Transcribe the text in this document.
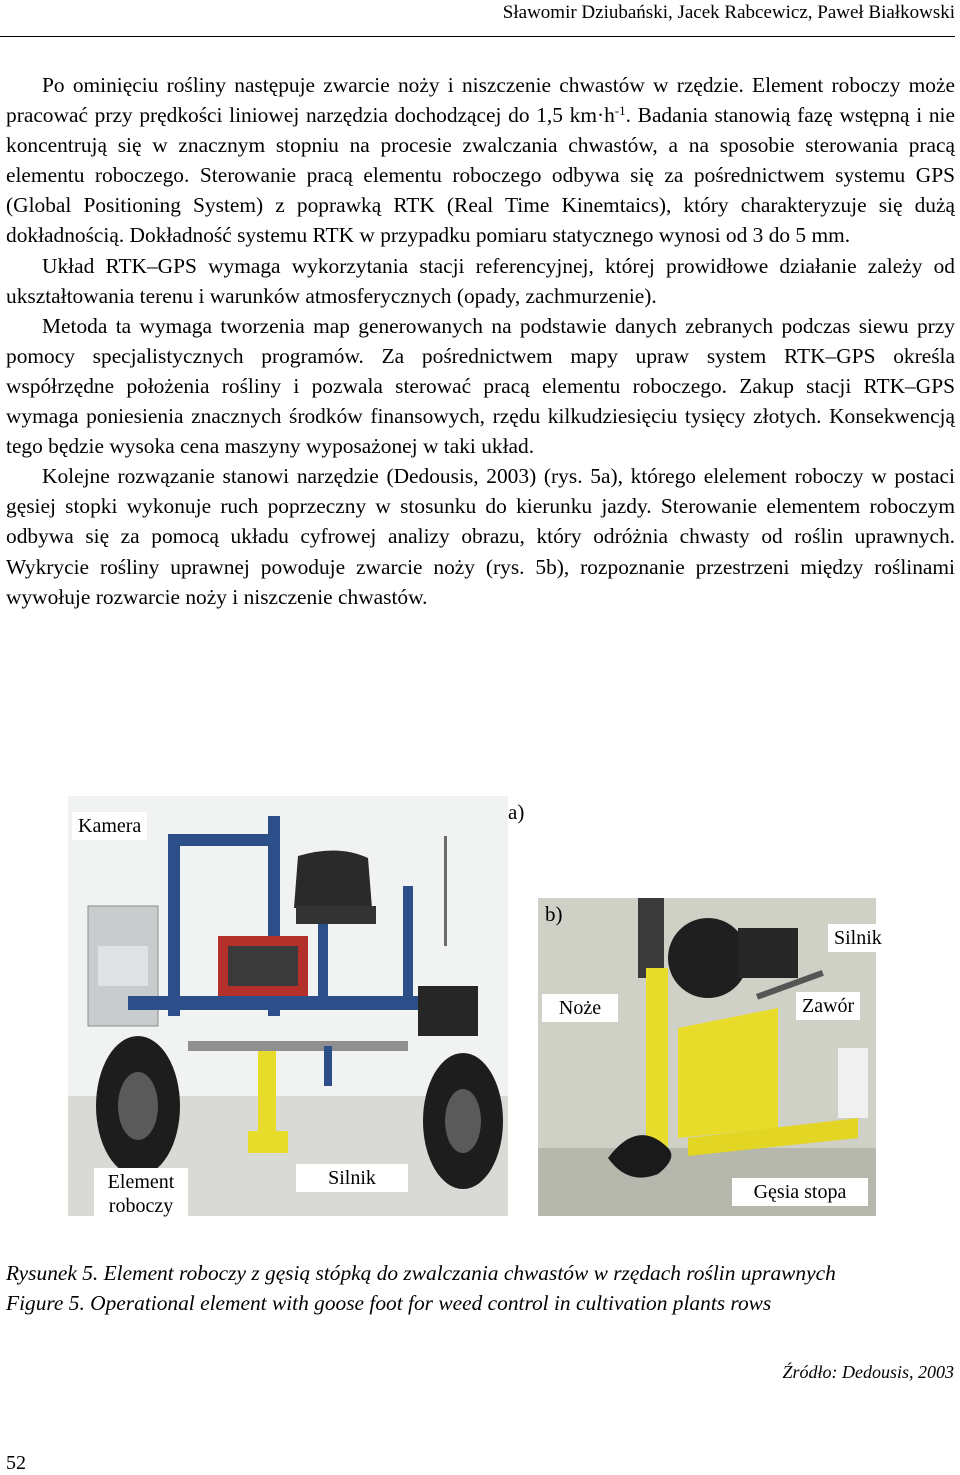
Sławomir Dziubański, Jacek Rabcewicz, Paweł Białkowski

Po ominięciu rośliny następuje zwarcie noży i niszczenie chwastów w rzędzie. Element roboczy może pracować przy prędkości liniowej narzędzia dochodzącej do 1,5 $km\cdot h^{-1}$. Badania stanowią fazę wstępną i nie koncentrują się w znacznym stopniu na procesie zwalczania chwastów, a na sposobie sterowania pracą elementu roboczego. Sterowanie pracą elementu roboczego odbywa się za pośrednictwem systemu GPS (Global Positioning System) z poprawką RTK (Real Time Kinemtaics), który charakteryzuje się dużą dokładnością. Dokładność systemu RTK w przypadku pomiaru statycznego wynosi od 3 do 5 mm.

Układ RTK–GPS wymaga wykorzytania stacji referencyjnej, której prowidłowe działanie zależy od ukształtowania terenu i warunków atmosferycznych (opady, zachmurzenie).

Metoda ta wymaga tworzenia map generowanych na podstawie danych zebranych podczas siewu przy pomocy specjalistycznych programów. Za pośrednictwem mapy upraw system RTK–GPS określa współrzędne położenia rośliny i pozwala sterować pracą elementu roboczego. Zakup stacji RTK–GPS wymaga poniesienia znacznych środków finansowych, rzędu kilkudziesięciu tysięcy złotych. Konsekwencją tego będzie wysoka cena maszyny wyposażonej w taki układ.

Kolejne rozwązanie stanowi narzędzie (Dedousis, 2003) (rys. 5a), którego elelement roboczy w postaci gęsiej stopki wykonuje ruch poprzeczny w stosunku do kierunku jazdy. Sterowanie elementem roboczym odbywa się za pomocą układu cyfrowej analizy obrazu, który odróżnia chwasty od roślin uprawnych. Wykrycie rośliny uprawnej powoduje zwarcie noży (rys. 5b), rozpoznanie przestrzeni między roślinami wywołuje rozwarcie noży i niszczenie chwastów.

a)
b)
Kamera
Element
roboczy
Silnik
Silnik
Noże	Zawór
Gęsia stopa

Rysunek 5. Element roboczy z gęsią stópką do zwalczania chwastów w rzędach roślin uprawnych

Figure 5. Operational element with goose foot for weed control in cultivation plants rows

Źródło: Dedousis, 2003
52
